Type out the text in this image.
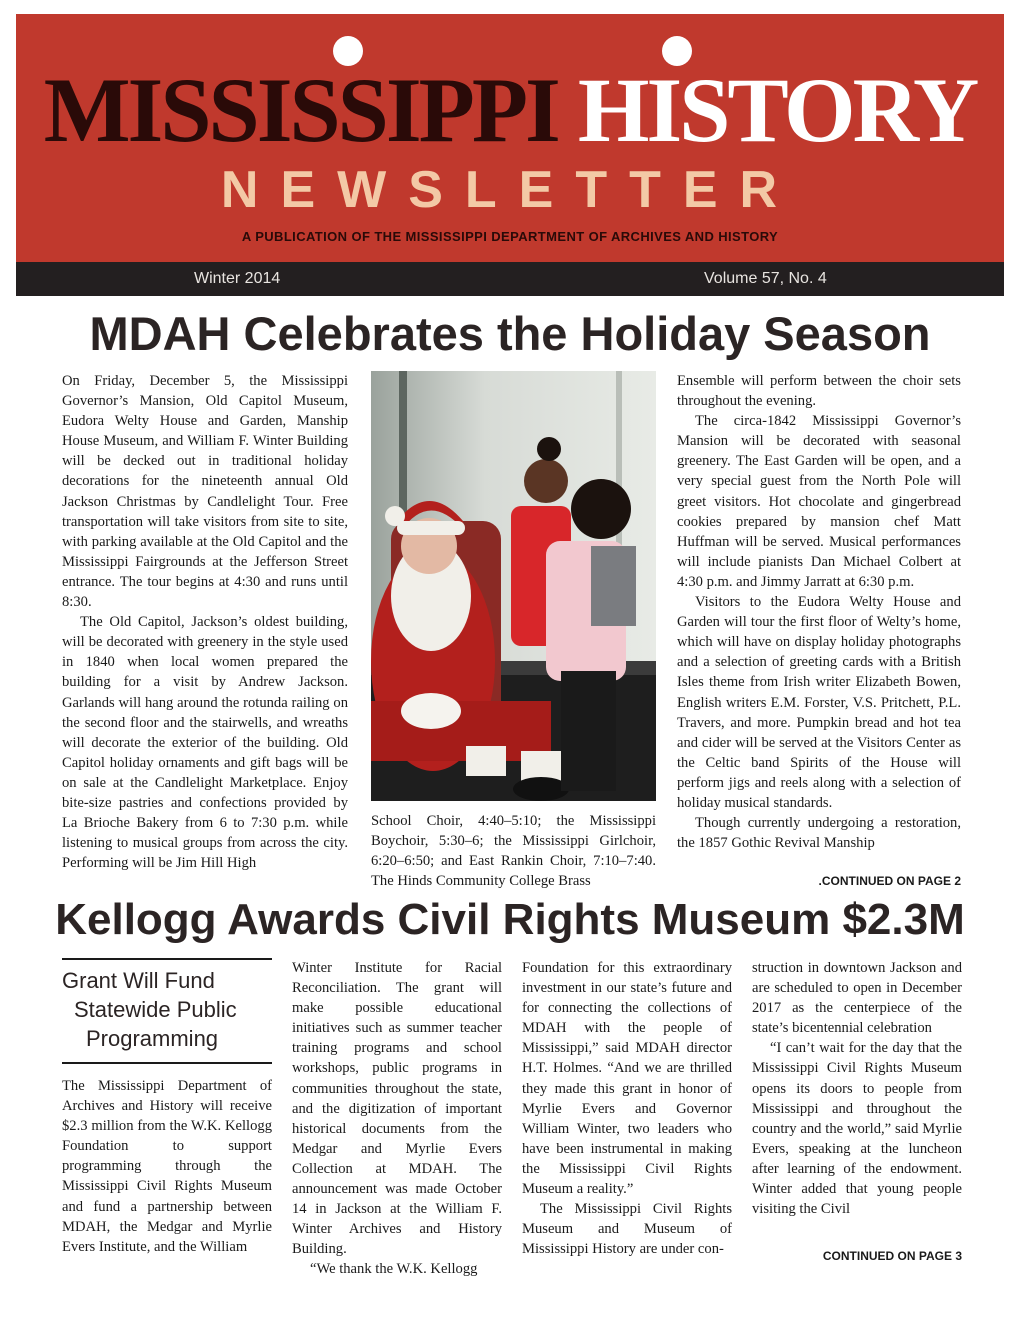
MISSISSIPPI HISTORY
NEWSLETTER
A PUBLICATION OF THE MISSISSIPPI DEPARTMENT OF ARCHIVES AND HISTORY
Winter 2014	Volume 57, No. 4
MDAH Celebrates the Holiday Season

On Friday, December 5, the Mississippi Governor’s Mansion, Old Capitol Museum, Eudora Welty House and Garden, Manship House Museum, and William F. Winter Building will be decked out in traditional holiday decorations for the nineteenth annual Old Jackson Christmas by Candlelight Tour. Free transportation will take visitors from site to site, with parking available at the Old Capitol and the Mississippi Fairgrounds at the Jefferson Street entrance. The tour begins at 4:30 and runs until 8:30.

The Old Capitol, Jackson’s oldest building, will be decorated with greenery in the style used in 1840 when local women prepared the building for a visit by Andrew Jackson. Garlands will hang around the rotunda railing on the second floor and the stairwells, and wreaths will decorate the exterior of the building. Old Capitol holiday ornaments and gift bags will be on sale at the Candlelight Marketplace. Enjoy bite-size pastries and confections provided by La Brioche Bakery from 6 to 7:30 p.m. while listening to musical groups from across the city. Performing will be Jim Hill High

School Choir, 4:40–5:10; the Mississippi Boychoir, 5:30–6; the Mississippi Girlchoir, 6:20–6:50; and East Rankin Choir, 7:10–7:40. The Hinds Community College Brass

Ensemble will perform between the choir sets throughout the evening.

The circa-1842 Mississippi Governor’s Mansion will be decorated with seasonal greenery. The East Garden will be open, and a very special guest from the North Pole will greet visitors. Hot chocolate and gingerbread cookies prepared by mansion chef Matt Huffman will be served. Musical performances will include pianists Dan Michael Colbert at 4:30 p.m. and Jimmy Jarratt at 6:30 p.m.

Visitors to the Eudora Welty House and Garden will tour the first floor of Welty’s home, which will have on display holiday photographs and a selection of greeting cards with a British Isles theme from Irish writer Elizabeth Bowen, English writers E.M. Forster, V.S. Pritchett, P.L. Travers, and more. Pumpkin bread and hot tea and cider will be served at the Visitors Center as the Celtic band Spirits of the House will perform jigs and reels along with a selection of holiday musical standards.

Though currently undergoing a restoration, the 1857 Gothic Revival Manship

.CONTINUED ON PAGE 2
Kellogg Awards Civil Rights Museum $2.3M
Grant Will Fund
Statewide Public
Programming

The Mississippi Department of Archives and History will receive $2.3 million from the W.K. Kellogg Foundation to support programming through the Mississippi Civil Rights Museum and fund a partnership between MDAH, the Medgar and Myrlie Evers Institute, and the William

Winter Institute for Racial Reconciliation. The grant will make possible educational initiatives such as summer teacher training programs and school workshops, public programs in communities throughout the state, and the digitization of important historical documents from the Medgar and Myrlie Evers Collection at MDAH. The announcement was made October 14 in Jackson at the William F. Winter Archives and History Building.

“We thank the W.K. Kellogg

Foundation for this extraordinary investment in our state’s future and for connecting the collections of MDAH with the people of Mississippi,” said MDAH director H.T. Holmes. “And we are thrilled they made this grant in honor of Myrlie Evers and Governor William Winter, two leaders who have been instrumental in making the Mississippi Civil Rights Museum a reality.”

The Mississippi Civil Rights Museum and Museum of Mississippi History are under con-

struction in downtown Jackson and are scheduled to open in December 2017 as the centerpiece of the state’s bicentennial celebration

“I can’t wait for the day that the Mississippi Civil Rights Museum opens its doors to people from Mississippi and throughout the country and the world,” said Myrlie Evers, speaking at the luncheon after learning of the endowment. Winter added that young people visiting the Civil

CONTINUED ON PAGE 3
